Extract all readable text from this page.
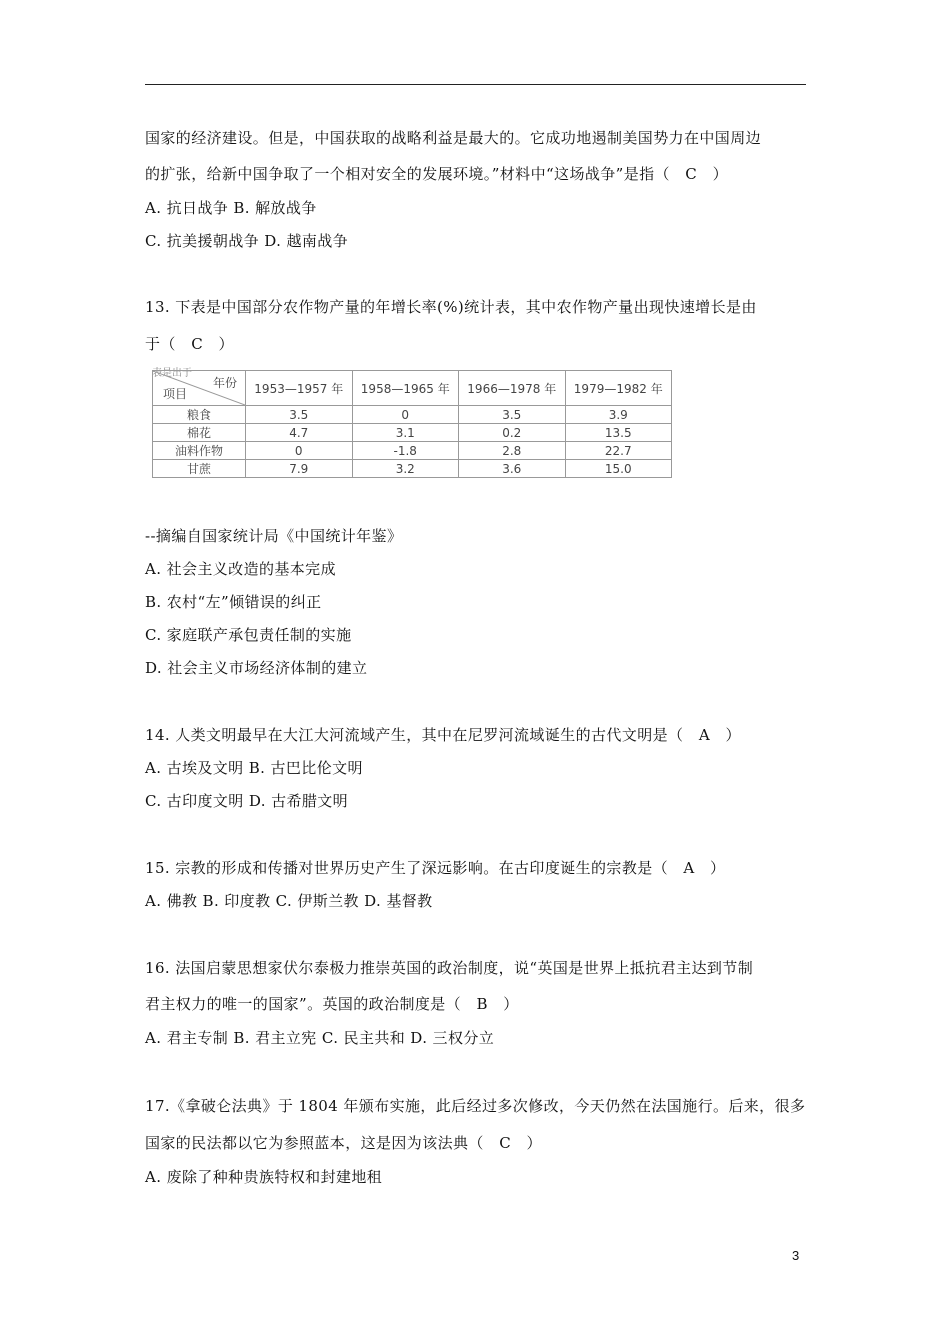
国家的经济建设。但是，中国获取的战略利益是最大的。它成功地遏制美国势力在中国周边
的扩张，给新中国争取了一个相对安全的发展环境。”材料中“这场战争”是指（　C　）
A. 抗日战争 B. 解放战争
C. 抗美援朝战争 D. 越南战争
13. 下表是中国部分农作物产量的年增长率(%)统计表，其中农作物产量出现快速增长是由
于（　C　）
表是出于
年份
项目	1953—1957 年	1958—1965 年	1966—1978 年	1979—1982 年
粮食	3.5	0	3.5	3.9
棉花	4.7	3.1	0.2	13.5
油料作物	0	-1.8	2.8	22.7
甘蔗	7.9	3.2	3.6	15.0
--摘编自国家统计局《中国统计年鉴》
A. 社会主义改造的基本完成
B. 农村“左”倾错误的纠正
C. 家庭联产承包责任制的实施
D. 社会主义市场经济体制的建立
14. 人类文明最早在大江大河流域产生，其中在尼罗河流域诞生的古代文明是（　A　）
A. 古埃及文明 B. 古巴比伦文明
C. 古印度文明 D. 古希腊文明
15. 宗教的形成和传播对世界历史产生了深远影响。在古印度诞生的宗教是（　A　）
A. 佛教 B. 印度教 C. 伊斯兰教 D. 基督教
16. 法国启蒙思想家伏尔泰极力推崇英国的政治制度，说“英国是世界上抵抗君主达到节制
君主权力的唯一的国家”。英国的政治制度是（　B　）
A. 君主专制 B. 君主立宪 C. 民主共和 D. 三权分立
17.《拿破仑法典》于 1804 年颁布实施，此后经过多次修改，今天仍然在法国施行。后来，很多
国家的民法都以它为参照蓝本，这是因为该法典（　C　）
A. 废除了种种贵族特权和封建地租
3
